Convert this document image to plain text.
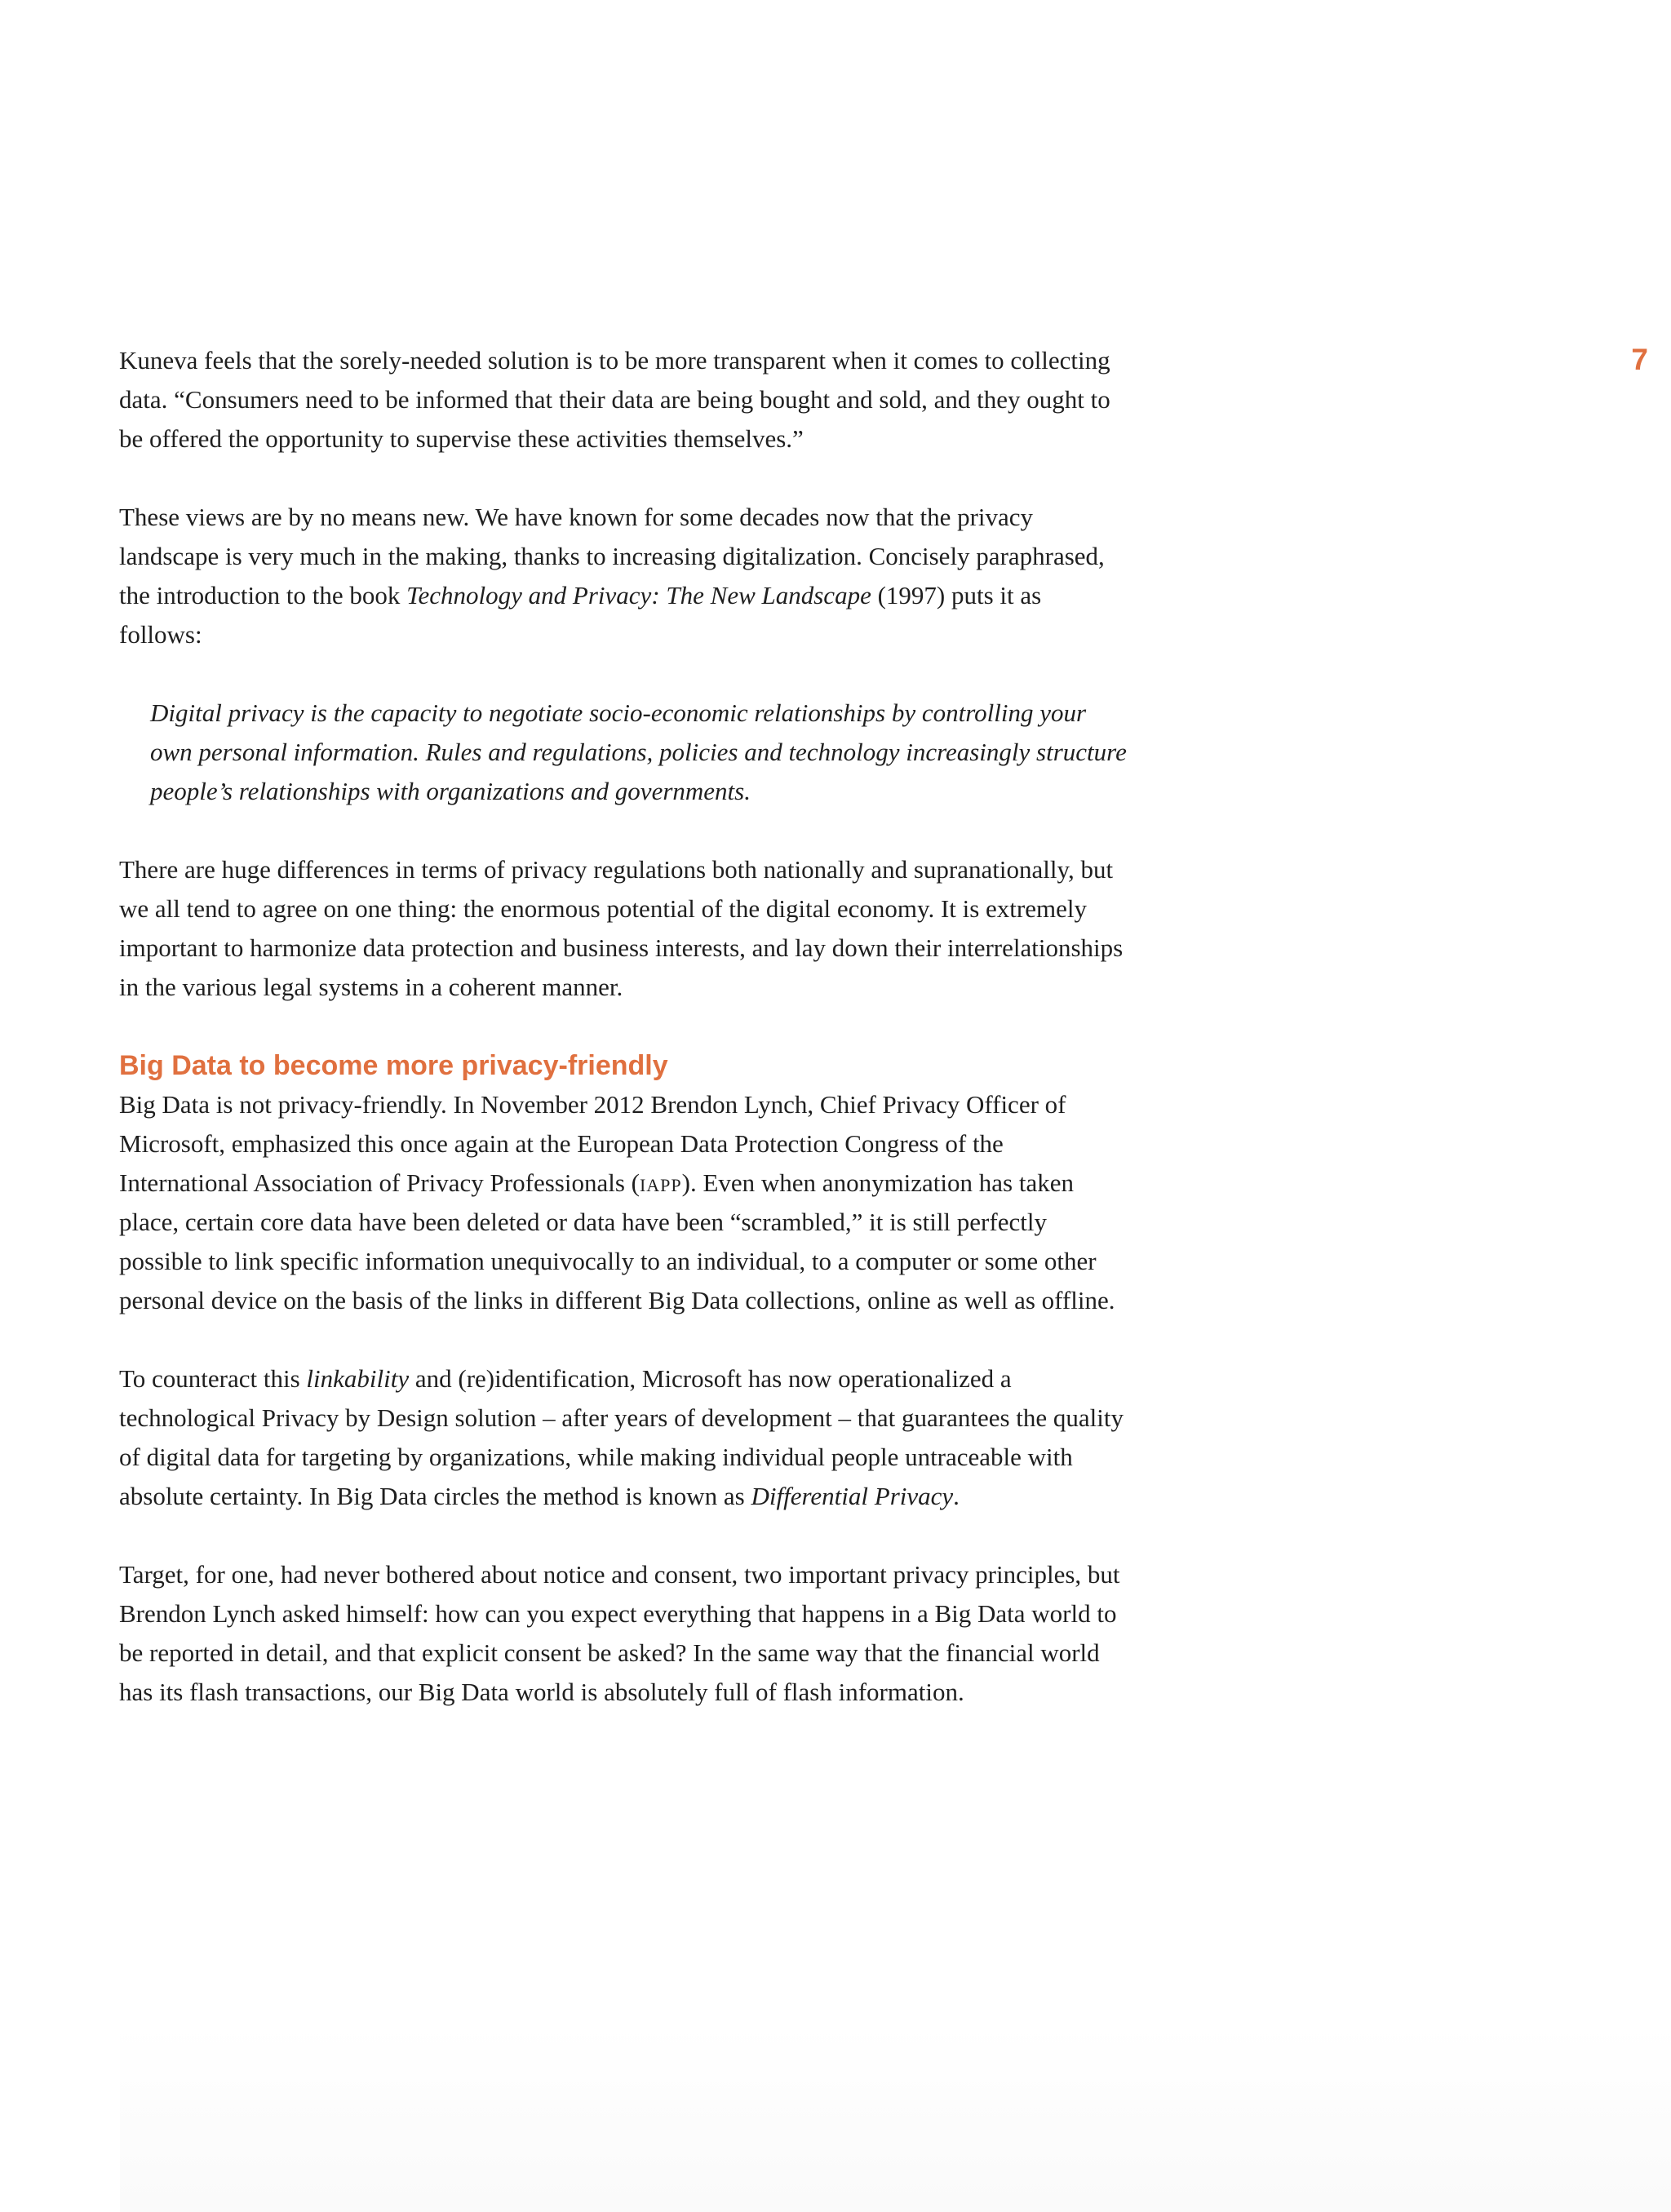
7

Kuneva feels that the sorely-needed solution is to be more transparent when it comes to collecting data. “Consumers need to be informed that their data are being bought and sold, and they ought to be offered the opportunity to supervise these activities themselves.”

These views are by no means new. We have known for some decades now that the privacy landscape is very much in the making, thanks to increasing digitalization. Concisely paraphrased, the introduction to the book Technology and Privacy: The New Landscape (1997) puts it as follows:

Digital privacy is the capacity to negotiate socio-economic relationships by controlling your own personal information. Rules and regulations, policies and technology increasingly structure people’s relationships with organizations and governments.

There are huge differences in terms of privacy regulations both nationally and supranationally, but we all tend to agree on one thing: the enormous potential of the digital economy. It is extremely important to harmonize data protection and business interests, and lay down their interrelationships in the various legal systems in a coherent manner.

Big Data to become more privacy-friendly

Big Data is not privacy-friendly. In November 2012 Brendon Lynch, Chief Privacy Officer of Microsoft, emphasized this once again at the European Data Protection Congress of the International Association of Privacy Professionals (iapp). Even when anonymization has taken place, certain core data have been deleted or data have been “scrambled,” it is still perfectly possible to link specific information unequivocally to an individual, to a computer or some other personal device on the basis of the links in different Big Data collections, online as well as offline.

To counteract this linkability and (re)identification, Microsoft has now operationalized a technological Privacy by Design solution – after years of development – that guarantees the quality of digital data for targeting by organizations, while making individual people untraceable with absolute certainty. In Big Data circles the method is known as Differential Privacy.

Target, for one, had never bothered about notice and consent, two important privacy principles, but Brendon Lynch asked himself: how can you expect everything that happens in a Big Data world to be reported in detail, and that explicit consent be asked? In the same way that the financial world has its flash transactions, our Big Data world is absolutely full of flash information.
